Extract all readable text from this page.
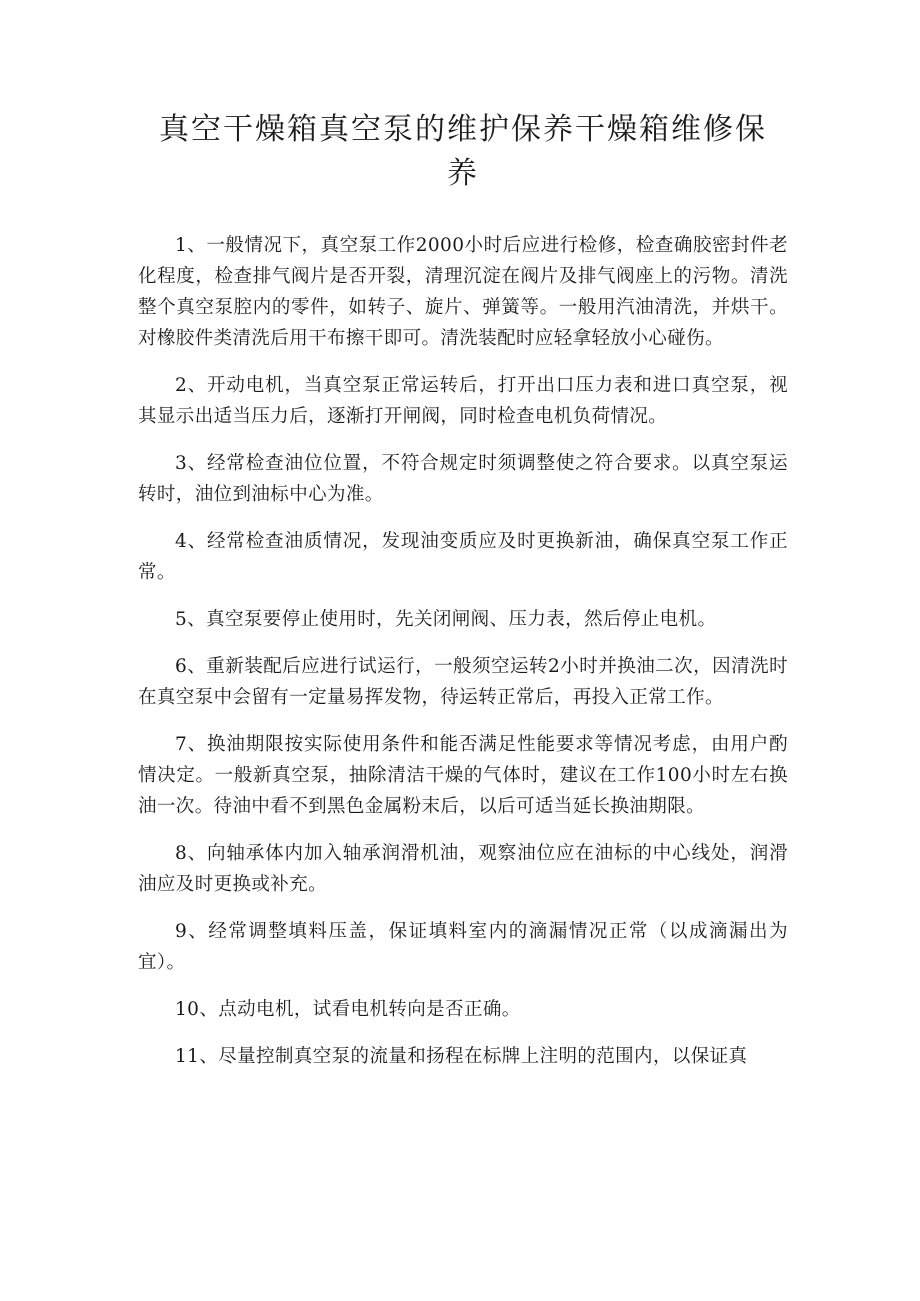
真空干燥箱真空泵的维护保养干燥箱维修保养

1、一般情况下，真空泵工作2000小时后应进行检修，检查确胶密封件老化程度，检查排气阀片是否开裂，清理沉淀在阀片及排气阀座上的污物。清洗整个真空泵腔内的零件，如转子、旋片、弹簧等。一般用汽油清洗，并烘干。对橡胶件类清洗后用干布擦干即可。清洗装配时应轻拿轻放小心碰伤。

2、开动电机，当真空泵正常运转后，打开出口压力表和进口真空泵，视其显示出适当压力后，逐渐打开闸阀，同时检查电机负荷情况。

3、经常检查油位位置，不符合规定时须调整使之符合要求。以真空泵运转时，油位到油标中心为准。

4、经常检查油质情况，发现油变质应及时更换新油，确保真空泵工作正常。

5、真空泵要停止使用时，先关闭闸阀、压力表，然后停止电机。

6、重新装配后应进行试运行，一般须空运转2小时并换油二次，因清洗时在真空泵中会留有一定量易挥发物，待运转正常后，再投入正常工作。

7、换油期限按实际使用条件和能否满足性能要求等情况考虑，由用户酌情决定。一般新真空泵，抽除清洁干燥的气体时，建议在工作100小时左右换油一次。待油中看不到黑色金属粉末后，以后可适当延长换油期限。

8、向轴承体内加入轴承润滑机油，观察油位应在油标的中心线处，润滑油应及时更换或补充。

9、经常调整填料压盖，保证填料室内的滴漏情况正常（以成滴漏出为宜）。

10、点动电机，试看电机转向是否正确。

11、尽量控制真空泵的流量和扬程在标牌上注明的范围内，以保证真
